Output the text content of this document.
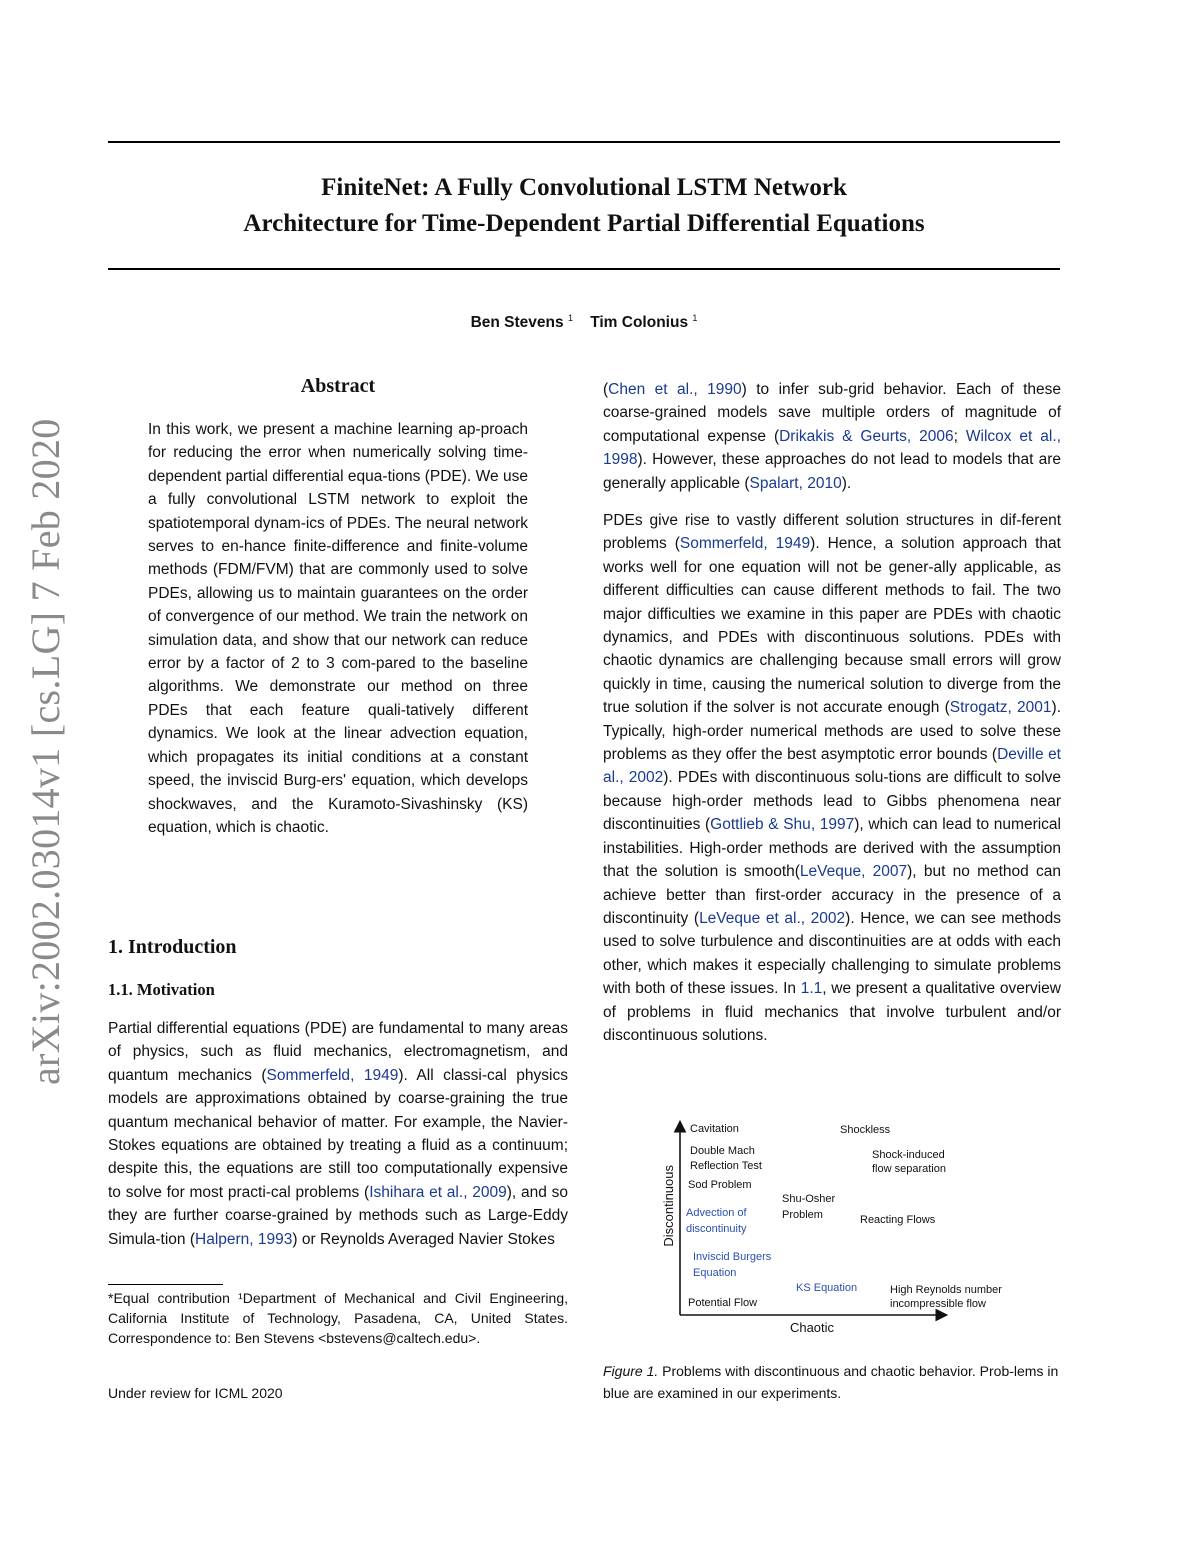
arXiv:2002.03014v1 [cs.LG] 7 Feb 2020
FiniteNet: A Fully Convolutional LSTM Network
Architecture for Time-Dependent Partial Differential Equations
Ben Stevens $^1$ Tim Colonius $^1$
Abstract
In this work, we present a machine learning ap-proach for reducing the error when numerically solving time-dependent partial differential equa-tions (PDE). We use a fully convolutional LSTM network to exploit the spatiotemporal dynam-ics of PDEs. The neural network serves to en-hance finite-difference and finite-volume methods (FDM/FVM) that are commonly used to solve PDEs, allowing us to maintain guarantees on the order of convergence of our method. We train the network on simulation data, and show that our network can reduce error by a factor of 2 to 3 com-pared to the baseline algorithms. We demonstrate our method on three PDEs that each feature quali-tatively different dynamics. We look at the linear advection equation, which propagates its initial conditions at a constant speed, the inviscid Burg-ers' equation, which develops shockwaves, and the Kuramoto-Sivashinsky (KS) equation, which is chaotic.
1. Introduction
1.1. Motivation
Partial differential equations (PDE) are fundamental to many areas of physics, such as fluid mechanics, electromagnetism, and quantum mechanics (Sommerfeld, 1949). All classi-cal physics models are approximations obtained by coarse-graining the true quantum mechanical behavior of matter. For example, the Navier-Stokes equations are obtained by treating a fluid as a continuum; despite this, the equations are still too computationally expensive to solve for most practi-cal problems (Ishihara et al., 2009), and so they are further coarse-grained by methods such as Large-Eddy Simula-tion (Halpern, 1993) or Reynolds Averaged Navier Stokes
*Equal contribution ¹Department of Mechanical and Civil Engineering, California Institute of Technology, Pasadena, CA, United States. Correspondence to: Ben Stevens <bstevens@caltech.edu>.
Under review for ICML 2020
(Chen et al., 1990) to infer sub-grid behavior. Each of these coarse-grained models save multiple orders of magnitude of computational expense (Drikakis & Geurts, 2006; Wilcox et al., 1998). However, these approaches do not lead to models that are generally applicable (Spalart, 2010).
PDEs give rise to vastly different solution structures in dif-ferent problems (Sommerfeld, 1949). Hence, a solution approach that works well for one equation will not be gener-ally applicable, as different difficulties can cause different methods to fail. The two major difficulties we examine in this paper are PDEs with chaotic dynamics, and PDEs with discontinuous solutions. PDEs with chaotic dynamics are challenging because small errors will grow quickly in time, causing the numerical solution to diverge from the true solution if the solver is not accurate enough (Strogatz, 2001). Typically, high-order numerical methods are used to solve these problems as they offer the best asymptotic error bounds (Deville et al., 2002). PDEs with discontinuous solu-tions are difficult to solve because high-order methods lead to Gibbs phenomena near discontinuities (Gottlieb & Shu, 1997), which can lead to numerical instabilities. High-order methods are derived with the assumption that the solution is smooth(LeVeque, 2007), but no method can achieve better than first-order accuracy in the presence of a discontinuity (LeVeque et al., 2002). Hence, we can see methods used to solve turbulence and discontinuities are at odds with each other, which makes it especially challenging to simulate problems with both of these issues. In 1.1, we present a qualitative overview of problems in fluid mechanics that involve turbulent and/or discontinuous solutions.
Discontinuous
Chaotic
Cavitation	Shockless
Double Mach
Reflection Test
Shock-induced
flow separation
Sod Problem
Shu-Osher
Problem
Advection of
discontinuity
Reacting Flows
Inviscid Burgers
Equation
KS Equation	High Reynolds number
incompressible flow
Potential Flow
Figure 1. Problems with discontinuous and chaotic behavior. Prob-lems in blue are examined in our experiments.
